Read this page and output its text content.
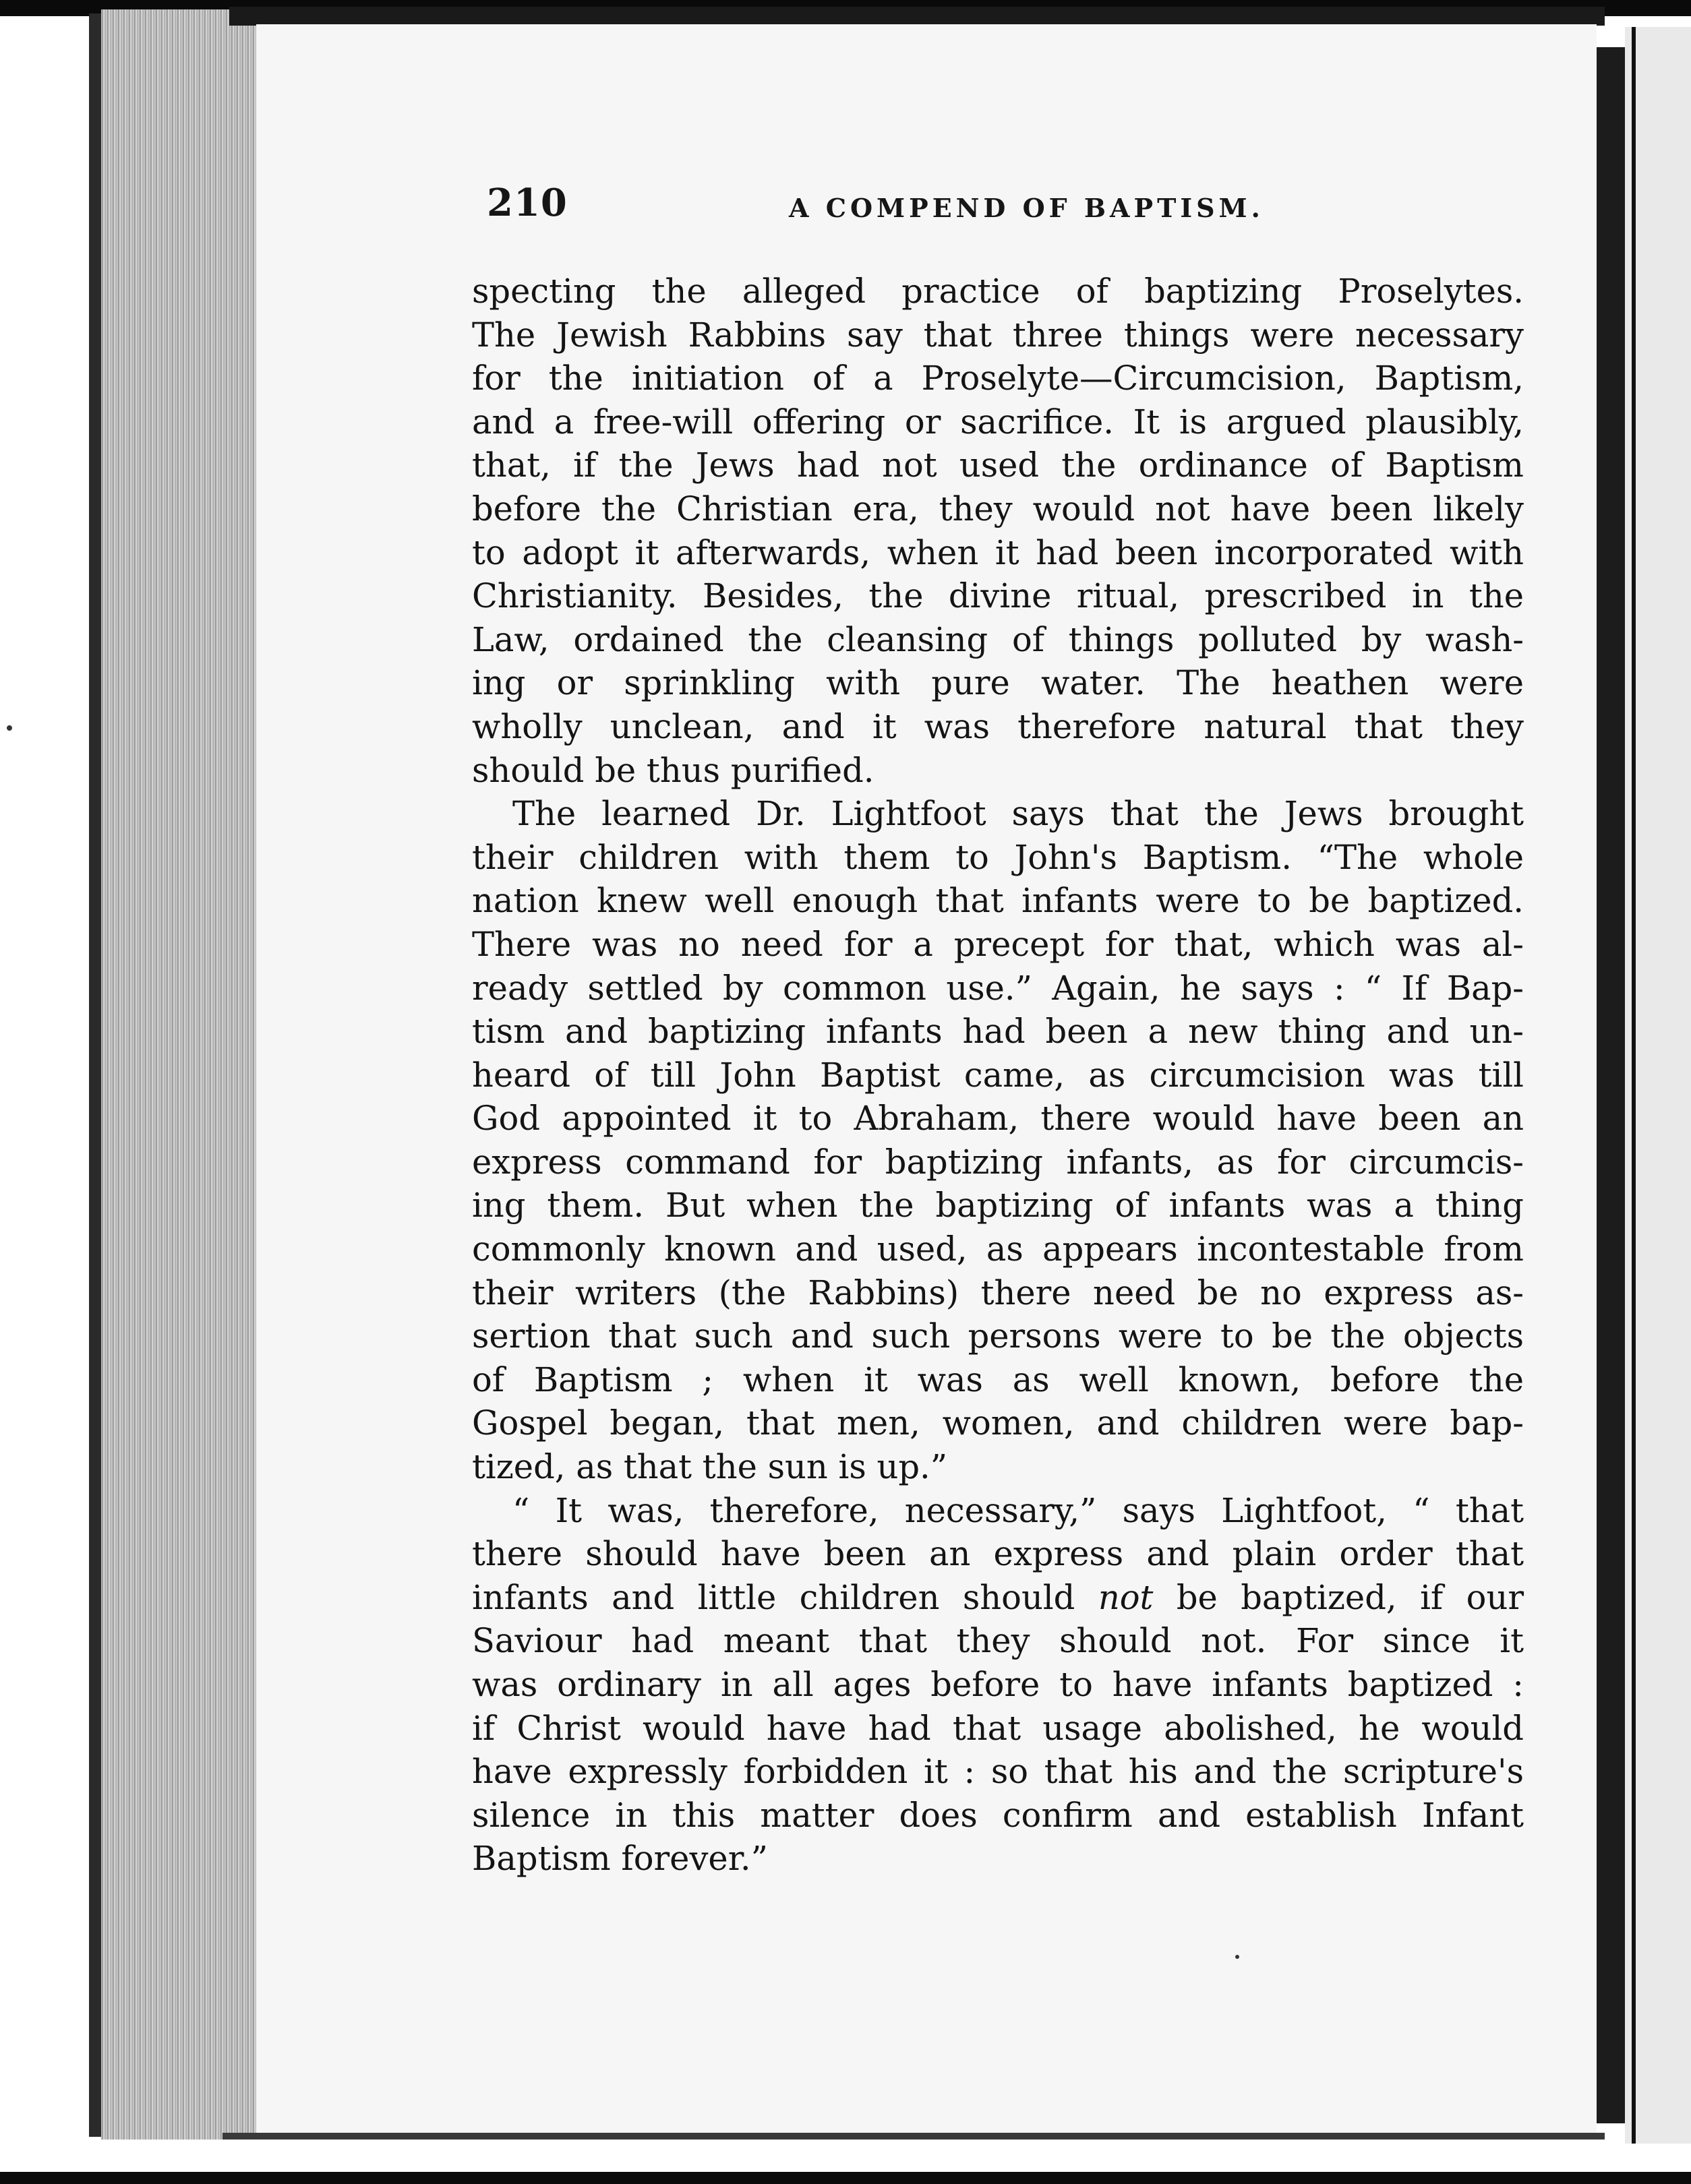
210	A COMPEND OF BAPTISM.
specting the alleged practice of baptizing Proselytes.
The Jewish Rabbins say that three things were necessary
for the initiation of a Proselyte—Circumcision, Baptism,
and a free-will offering or sacrifice. It is argued plausibly,
that, if the Jews had not used the ordinance of Baptism
before the Christian era, they would not have been likely
to adopt it afterwards, when it had been incorporated with
Christianity. Besides, the divine ritual, prescribed in the
Law, ordained the cleansing of things polluted by wash-
ing or sprinkling with pure water. The heathen were
wholly unclean, and it was therefore natural that they
should be thus purified.
The learned Dr. Lightfoot says that the Jews brought
their children with them to John's Baptism. “The whole
nation knew well enough that infants were to be baptized.
There was no need for a precept for that, which was al-
ready settled by common use.” Again, he says : “ If Bap-
tism and baptizing infants had been a new thing and un-
heard of till John Baptist came, as circumcision was till
God appointed it to Abraham, there would have been an
express command for baptizing infants, as for circumcis-
ing them. But when the baptizing of infants was a thing
commonly known and used, as appears incontestable from
their writers (the Rabbins) there need be no express as-
sertion that such and such persons were to be the objects
of Baptism ; when it was as well known, before the
Gospel began, that men, women, and children were bap-
tized, as that the sun is up.”
“ It was, therefore, necessary,” says Lightfoot, “ that
there should have been an express and plain order that
infants and little children should not be baptized, if our
Saviour had meant that they should not. For since it
was ordinary in all ages before to have infants baptized :
if Christ would have had that usage abolished, he would
have expressly forbidden it : so that his and the scripture's
silence in this matter does confirm and establish Infant
Baptism forever.”
